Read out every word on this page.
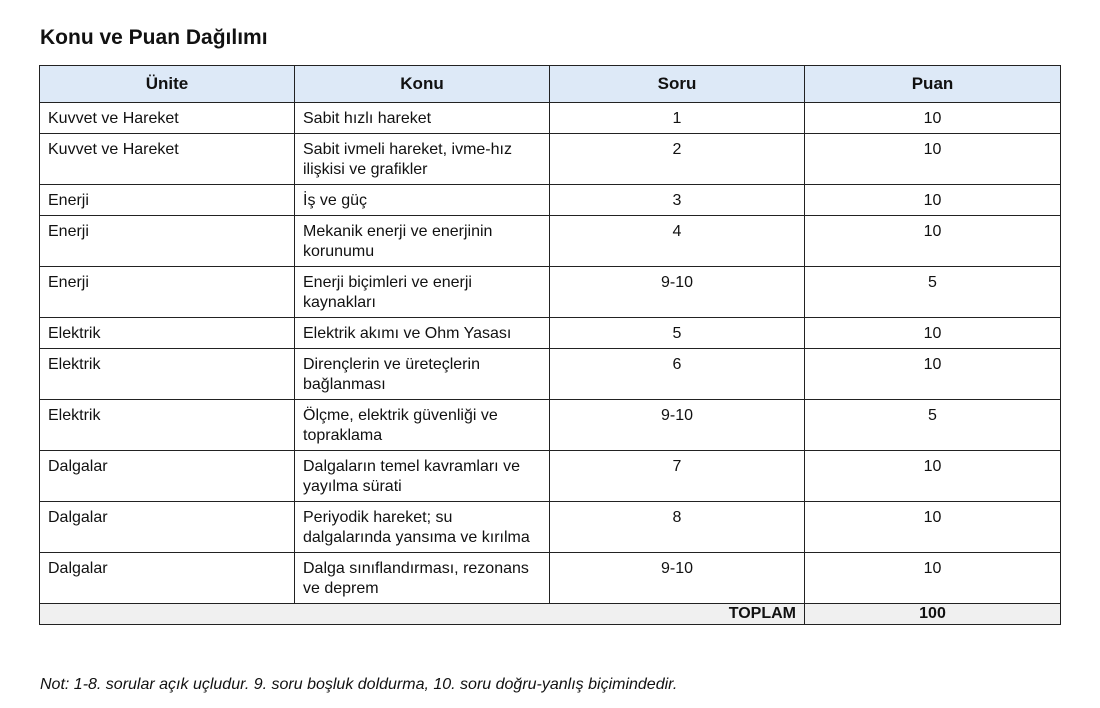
Konu ve Puan Dağılımı
Ünite	Konu	Soru	Puan
Kuvvet ve Hareket	Sabit hızlı hareket	1	10
Kuvvet ve Hareket	Sabit ivmeli hareket, ivme-hız ilişkisi ve grafikler	2	10
Enerji	İş ve güç	3	10
Enerji	Mekanik enerji ve enerjinin korunumu	4	10
Enerji	Enerji biçimleri ve enerji kaynakları	9-10	5
Elektrik	Elektrik akımı ve Ohm Yasası	5	10
Elektrik	Dirençlerin ve üreteçlerin bağlanması	6	10
Elektrik	Ölçme, elektrik güvenliği ve topraklama	9-10	5
Dalgalar	Dalgaların temel kavramları ve yayılma sürati	7	10
Dalgalar	Periyodik hareket; su dalgalarında yansıma ve kırılma	8	10
Dalgalar	Dalga sınıflandırması, rezonans ve deprem	9-10	10
		TOPLAM	100

Not: 1-8. sorular açık uçludur. 9. soru boşluk doldurma, 10. soru doğru-yanlış biçimindedir.
